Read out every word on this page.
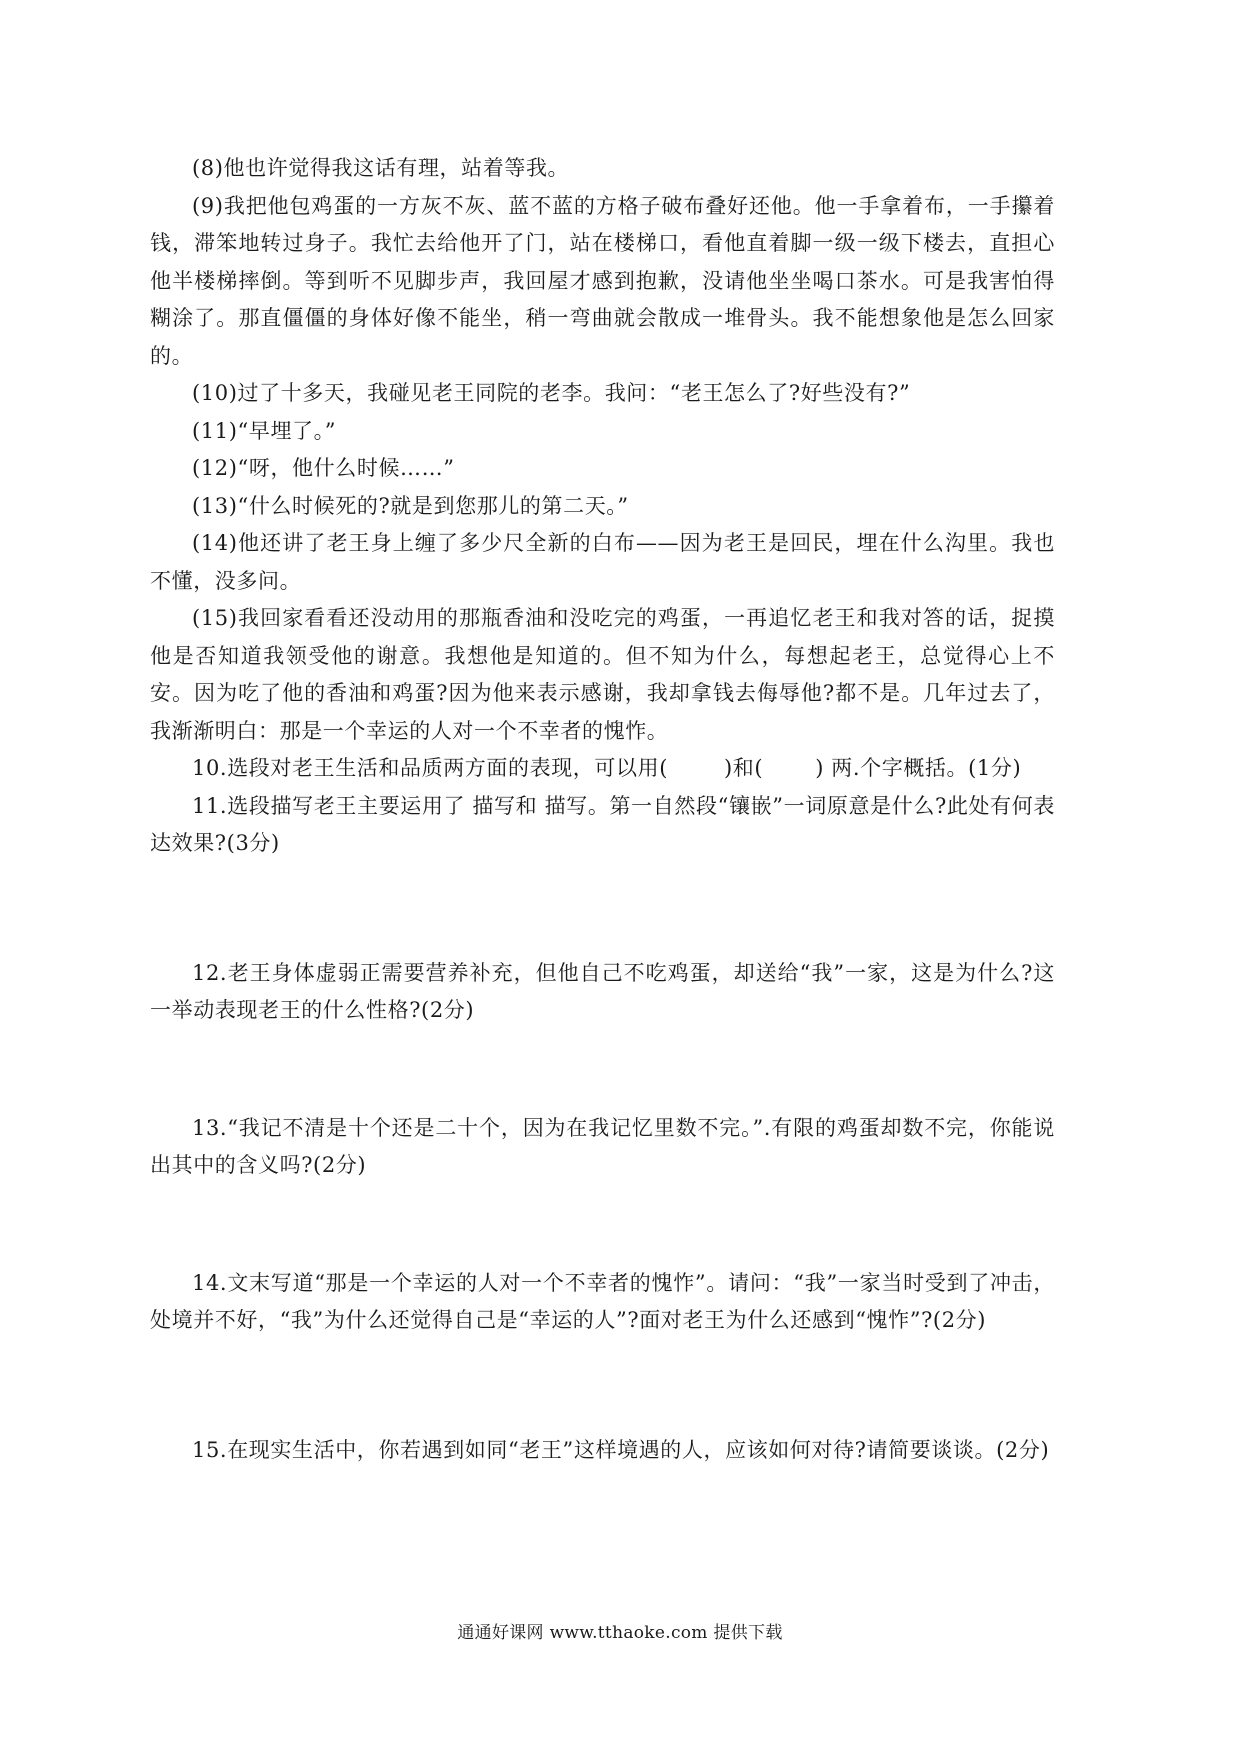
(8)他也许觉得我这话有理，站着等我。

(9)我把他包鸡蛋的一方灰不灰、蓝不蓝的方格子破布叠好还他。他一手拿着布，一手攥着钱，滞笨地转过身子。我忙去给他开了门，站在楼梯口，看他直着脚一级一级下楼去，直担心他半楼梯摔倒。等到听不见脚步声，我回屋才感到抱歉，没请他坐坐喝口茶水。可是我害怕得糊涂了。那直僵僵的身体好像不能坐，稍一弯曲就会散成一堆骨头。我不能想象他是怎么回家的。

(10)过了十多天，我碰见老王同院的老李。我问：“老王怎么了?好些没有?”

(11)“早埋了。”

(12)“呀，他什么时候……”

(13)“什么时候死的?就是到您那儿的第二天。”

(14)他还讲了老王身上缠了多少尺全新的白布——因为老王是回民，埋在什么沟里。我也不懂，没多问。

(15)我回家看看还没动用的那瓶香油和没吃完的鸡蛋，一再追忆老王和我对答的话，捉摸他是否知道我领受他的谢意。我想他是知道的。但不知为什么，每想起老王，总觉得心上不安。因为吃了他的香油和鸡蛋?因为他来表示感谢，我却拿钱去侮辱他?都不是。几年过去了，我渐渐明白：那是一个幸运的人对一个不幸者的愧怍。

10.选段对老王生活和品质两方面的表现，可以用(	)和( ) 两.个字概括。(1分)

11.选段描写老王主要运用了 描写和 描写。第一自然段“镶嵌”一词原意是什么?此处有何表达效果?(3分)

12.老王身体虚弱正需要营养补充，但他自己不吃鸡蛋，却送给“我”一家，这是为什么?这一举动表现老王的什么性格?(2分)

13.“我记不清是十个还是二十个，因为在我记忆里数不完。”.有限的鸡蛋却数不完，你能说出其中的含义吗?(2分)

14.文末写道“那是一个幸运的人对一个不幸者的愧怍”。请问：“我”一家当时受到了冲击，处境并不好，“我”为什么还觉得自己是“幸运的人”?面对老王为什么还感到“愧怍”?(2分)

15.在现实生活中，你若遇到如同“老王”这样境遇的人，应该如何对待?请简要谈谈。(2分)

通通好课网 www.tthaoke.com 提供下载
